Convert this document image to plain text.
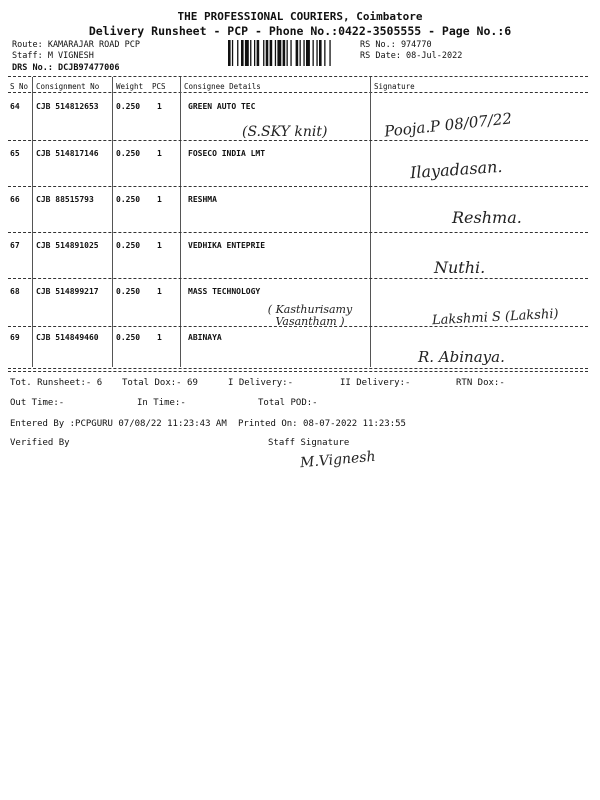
THE PROFESSIONAL COURIERS, Coimbatore
Delivery Runsheet - PCP - Phone No.:0422-3505555 - Page No.:6
Route: KAMARAJAR ROAD PCP
Staff: M VIGNESH
DRS No.: DCJB97477006
RS No.: 974770
RS Date: 08-Jul-2022
S No Consignment No Weight PCS Consignee Details	Signature
64 CJB 514812653 0.250 1	GREEN AUTO TEC
(S.SKY knit)	Pooja.P 08/07/22
65 CJB 514817146 0.250 1	FOSECO INDIA LMT
Ilayadasan.
66 CJB 88515793	0.250 1	RESHMA
Reshma.
67 CJB 514891025 0.250 1	VEDHIKA ENTEPRIE
Nuthi.
68 CJB 514899217 0.250 1	MASS TECHNOLOGY
( Kasthurisamy Vasantham )	Lakshmi S (Lakshi)
69 CJB 514849460 0.250 1	ABINAYA
R. Abinaya.
Tot. Runsheet:- 6 Total Dox:- 69	I Delivery:-	II Delivery:-	RTN Dox:-
Out Time:-	In Time:-	Total POD:-
Entered By :PCPGURU 07/08/22 11:23:43 AM Printed On: 08-07-2022 11:23:55
Verified By	Staff Signature
M.Vignesh
